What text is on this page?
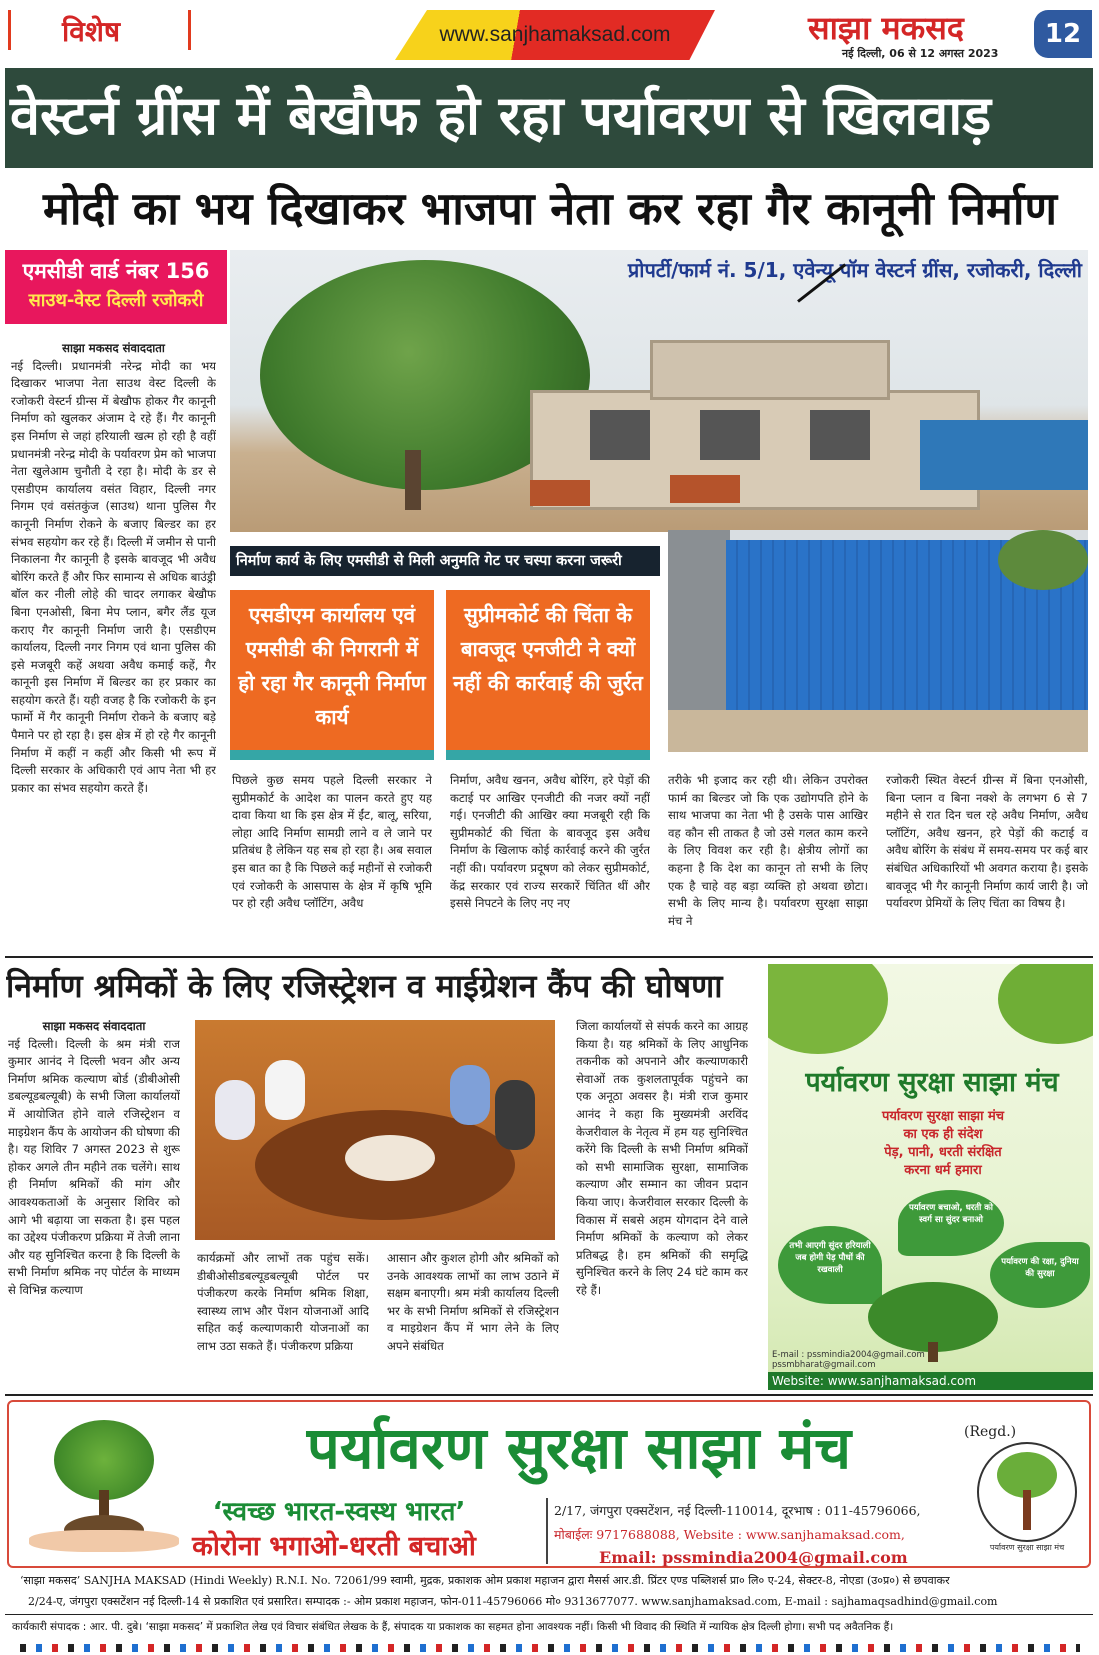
विशेष	www.sanjhamaksad.com	साझा मकसद
नई दिल्ली, 06 से 12 अगस्त 2023
12
वेस्टर्न ग्रींस में बेखौफ हो रहा पर्यावरण से खिलवाड़
मोदी का भय दिखाकर भाजपा नेता कर रहा गैर कानूनी निर्माण
एमसीडी वार्ड नंबर 156
साउथ-वेस्ट दिल्ली रजोकरी
साझा मकसद संवाददाता
नई दिल्ली। प्रधानमंत्री नरेन्द्र मोदी का भय दिखाकर भाजपा नेता साउथ वेस्ट दिल्ली के रजोकरी वेस्टर्न ग्रीन्स में बेखौफ होकर गैर कानूनी निर्माण को खुलकर अंजाम दे रहे हैं। गैर कानूनी इस निर्माण से जहां हरियाली खत्म हो रही है वहीं प्रधानमंत्री नरेन्द्र मोदी के पर्यावरण प्रेम को भाजपा नेता खुलेआम चुनौती दे रहा है। मोदी के डर से एसडीएम कार्यालय वसंत विहार, दिल्ली नगर निगम एवं वसंतकुंज (साउथ) थाना पुलिस गैर कानूनी निर्माण रोकने के बजाए बिल्डर का हर संभव सहयोग कर रहे हैं। दिल्ली में जमीन से पानी निकालना गैर कानूनी है इसके बावजूद भी अवैध बोरिंग करते हैं और फिर सामान्य से अधिक बाउंड्री बॉल कर नीली लोहे की चादर लगाकर बेखौफ बिना एनओसी, बिना मेप प्लान, बगैर लैंड यूज कराए गैर कानूनी निर्माण जारी है। एसडीएम कार्यालय, दिल्ली नगर निगम एवं थाना पुलिस की इसे मजबूरी कहें अथवा अवैध कमाई कहें, गैर कानूनी इस निर्माण में बिल्डर का हर प्रकार का सहयोग करते हैं। यही वजह है कि रजोकरी के इन फार्मो में गैर कानूनी निर्माण रोकने के बजाए बड़े पैमाने पर हो रहा है। इस क्षेत्र में हो रहे गैर कानूनी निर्माण में कहीं न कहीं और किसी भी रूप में दिल्ली सरकार के अधिकारी एवं आप नेता भी हर प्रकार का संभव सहयोग करते हैं।
प्रोपर्टी/फार्म नं. 5/1, एवेन्यू पॉम वेस्टर्न ग्रींस, रजोकरी, दिल्ली
निर्माण कार्य के लिए एमसीडी से मिली अनुमति गेट पर चस्पा करना जरूरी
एसडीएम कार्यालय एवं एमसीडी की निगरानी में हो रहा गैर कानूनी निर्माण कार्य
सुप्रीमकोर्ट की चिंता के बावजूद एनजीटी ने क्यों नहीं की कार्रवाई की जुर्रत
पिछले कुछ समय पहले दिल्ली सरकार ने सुप्रीमकोर्ट के आदेश का पालन करते हुए यह दावा किया था कि इस क्षेत्र में ईंट, बालू, सरिया, लोहा आदि निर्माण सामग्री लाने व ले जाने पर प्रतिबंध है लेकिन यह सब हो रहा है। अब सवाल इस बात का है कि पिछले कई महीनों से रजोकरी एवं रजोकरी के आसपास के क्षेत्र में कृषि भूमि पर हो रही अवैध प्लॉटिंग, अवैध
निर्माण, अवैध खनन, अवैध बोरिंग, हरे पेड़ों की कटाई पर आखिर एनजीटी की नजर क्यों नहीं गई। एनजीटी की आखिर क्या मजबूरी रही कि सुप्रीमकोर्ट की चिंता के बावजूद इस अवैध निर्माण के खिलाफ कोई कार्रवाई करने की जुर्रत नहीं की। पर्यावरण प्रदूषण को लेकर सुप्रीमकोर्ट, केंद्र सरकार एवं राज्य सरकारें चिंतित थीं और इससे निपटने के लिए नए नए
तरीके भी इजाद कर रही थी। लेकिन उपरोक्त फार्म का बिल्डर जो कि एक उद्योगपति होने के साथ भाजपा का नेता भी है उसके पास आखिर वह कौन सी ताकत है जो उसे गलत काम करने के लिए विवश कर रही है। क्षेत्रीय लोगों का कहना है कि देश का कानून तो सभी के लिए एक है चाहे वह बड़ा व्यक्ति हो अथवा छोटा। सभी के लिए मान्य है। पर्यावरण सुरक्षा साझा मंच ने
रजोकरी स्थित वेस्टर्न ग्रीन्स में बिना एनओसी, बिना प्लान व बिना नक्शे के लगभग 6 से 7 महीने से रात दिन चल रहे अवैध निर्माण, अवैध प्लॉटिंग, अवैध खनन, हरे पेड़ों की कटाई व अवैध बोरिंग के संबंध में समय-समय पर कई बार संबंधित अधिकारियों भी अवगत कराया है। इसके बावजूद भी गैर कानूनी निर्माण कार्य जारी है। जो पर्यावरण प्रेमियों के लिए चिंता का विषय है।
निर्माण श्रमिकों के लिए रजिस्ट्रेशन व माईग्रेशन कैंप की घोषणा
साझा मकसद संवाददाता
नई दिल्ली। दिल्ली के श्रम मंत्री राज कुमार आनंद ने दिल्ली भवन और अन्य निर्माण श्रमिक कल्याण बोर्ड (डीबीओसी डबल्यूडबल्यूबी) के सभी जिला कार्यालयों में आयोजित होने वाले रजिस्ट्रेशन व माइग्रेशन कैंप के आयोजन की घोषणा की है। यह शिविर 7 अगस्त 2023 से शुरू होकर अगले तीन महीने तक चलेंगे। साथ ही निर्माण श्रमिकों की मांग और आवश्यकताओं के अनुसार शिविर को आगे भी बढ़ाया जा सकता है। इस पहल का उद्देश्य पंजीकरण प्रक्रिया में तेजी लाना और यह सुनिश्चित करना है कि दिल्ली के सभी निर्माण श्रमिक नए पोर्टल के माध्यम से विभिन्न कल्याण
कार्यक्रमों और लाभों तक पहुंच सकें। डीबीओसीडबल्यूडबल्यूबी पोर्टल पर पंजीकरण करके निर्माण श्रमिक शिक्षा, स्वास्थ्य लाभ और पेंशन योजनाओं आदि सहित कई कल्याणकारी योजनाओं का लाभ उठा सकते हैं। पंजीकरण प्रक्रिया
आसान और कुशल होगी और श्रमिकों को उनके आवश्यक लाभों का लाभ उठाने में सक्षम बनाएगी। श्रम मंत्री कार्यालय दिल्ली भर के सभी निर्माण श्रमिकों से रजिस्ट्रेशन व माइग्रेशन कैंप में भाग लेने के लिए अपने संबंधित
जिला कार्यालयों से संपर्क करने का आग्रह किया है। यह श्रमिकों के लिए आधुनिक तकनीक को अपनाने और कल्याणकारी सेवाओं तक कुशलतापूर्वक पहुंचने का एक अनूठा अवसर है। मंत्री राज कुमार आनंद ने कहा कि मुख्यमंत्री अरविंद केजरीवाल के नेतृत्व में हम यह सुनिश्चित करेंगे कि दिल्ली के सभी निर्माण श्रमिकों को सभी सामाजिक सुरक्षा, सामाजिक कल्याण और सम्मान का जीवन प्रदान किया जाए। केजरीवाल सरकार दिल्ली के विकास में सबसे अहम योगदान देने वाले निर्माण श्रमिकों के कल्याण को लेकर प्रतिबद्ध है। हम श्रमिकों की समृद्धि सुनिश्चित करने के लिए 24 घंटे काम कर रहे हैं।
पर्यावरण सुरक्षा साझा मंच
पर्यावरण सुरक्षा साझा मंच
का एक ही संदेश
पेड़, पानी, धरती संरक्षित
करना धर्म हमारा
पर्यावरण बचाओ, धरती को स्वर्ग सा सुंदर बनाओ
तभी आएगी सुंदर हरियाली जब होगी पेड़ पौधों की रखवाली
पर्यावरण की रक्षा, दुनिया की सुरक्षा
E-mail : pssmindia2004@gmail.com
pssmbharat@gmail.com
Website: www.sanjhamaksad.com
पर्यावरण सुरक्षा साझा मंच	(Regd.)
‘स्वच्छ भारत-स्वस्थ भारत’
कोरोना भगाओ-धरती बचाओ
2/17, जंगपुरा एक्सटेंशन, नई दिल्ली-110014, दूरभाष : 011-45796066,
मोबाईलः 9717688088, Website : www.sanjhamaksad.com,
Email: pssmindia2004@gmail.com
पर्यावरण सुरक्षा साझा मंच
‘साझा मकसद’ SANJHA MAKSAD (Hindi Weekly) R.N.I. No. 72061/99 स्वामी, मुद्रक, प्रकाशक ओम प्रकाश महाजन द्वारा मैसर्स आर.डी. प्रिंटर एण्ड पब्लिशर्स प्रा० लि० ए-24, सेक्टर-8, नोएडा (उ०प्र०) से छपवाकर
2/24-ए, जंगपुरा एक्सटेंशन नई दिल्ली-14 से प्रकाशित एवं प्रसारित। सम्पादक :- ओम प्रकाश महाजन, फोन-011-45796066 मो० 9313677077. www.sanjhamaksad.com, E-mail : sajhamaqsadhind@gmail.com
कार्यकारी संपादक : आर. पी. दुबे। ‘साझा मकसद’ में प्रकाशित लेख एवं विचार संबंधित लेखक के हैं, संपादक या प्रकाशक का सहमत होना आवश्यक नहीं। किसी भी विवाद की स्थिति में न्यायिक क्षेत्र दिल्ली होगा। सभी पद अवैतनिक हैं।
